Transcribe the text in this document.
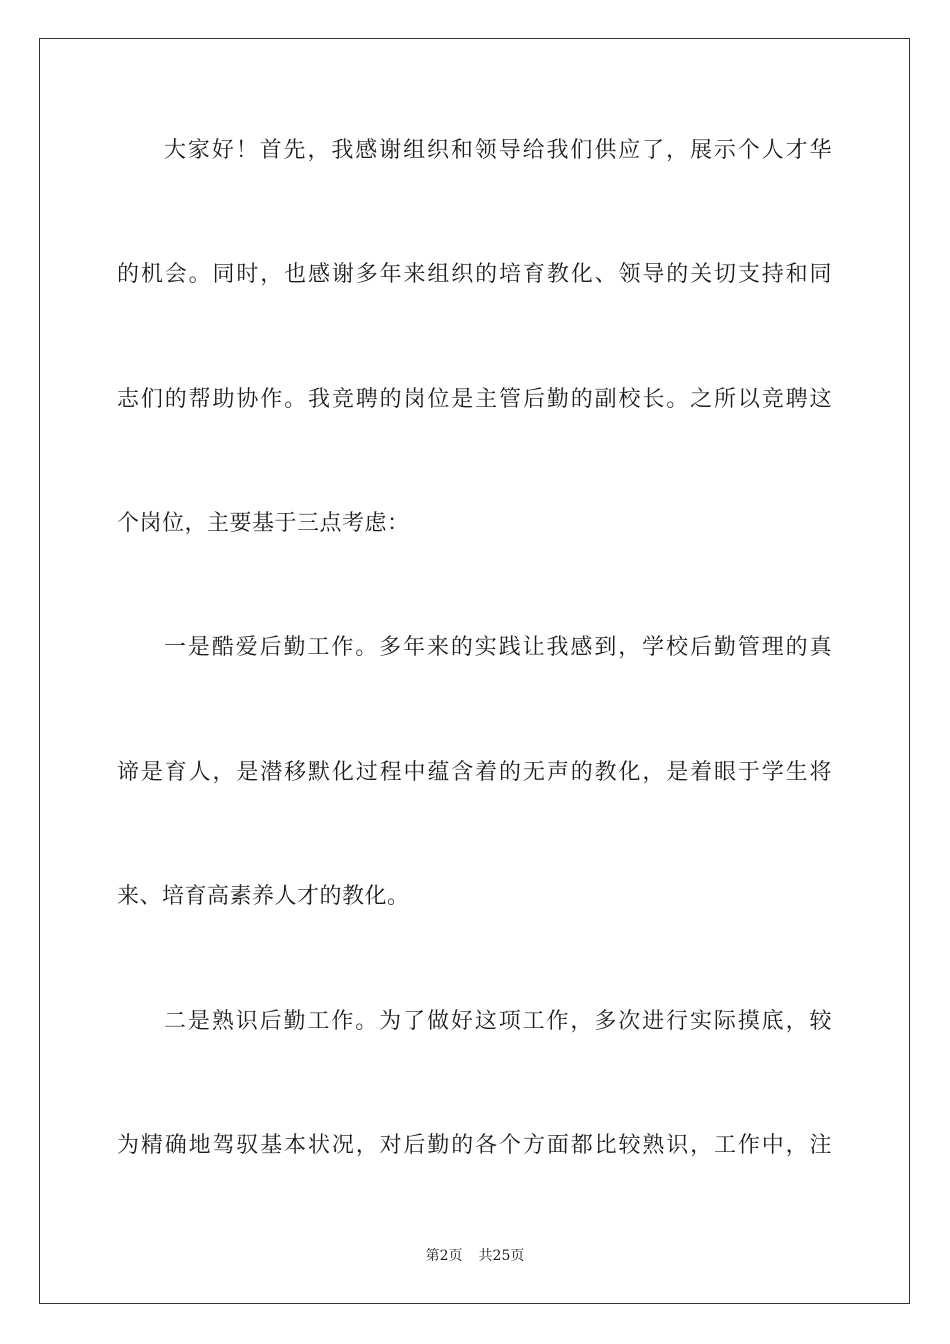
大家好！首先，我感谢组织和领导给我们供应了，展示个人才华
的机会。同时，也感谢多年来组织的培育教化、领导的关切支持和同
志们的帮助协作。我竞聘的岗位是主管后勤的副校长。之所以竞聘这
个岗位，主要基于三点考虑：
一是酷爱后勤工作。多年来的实践让我感到，学校后勤管理的真
谛是育人，是潜移默化过程中蕴含着的无声的教化，是着眼于学生将
来、培育高素养人才的教化。
二是熟识后勤工作。为了做好这项工作，多次进行实际摸底，较
为精确地驾驭基本状况，对后勤的各个方面都比较熟识，工作中，注
第2页 共25页
